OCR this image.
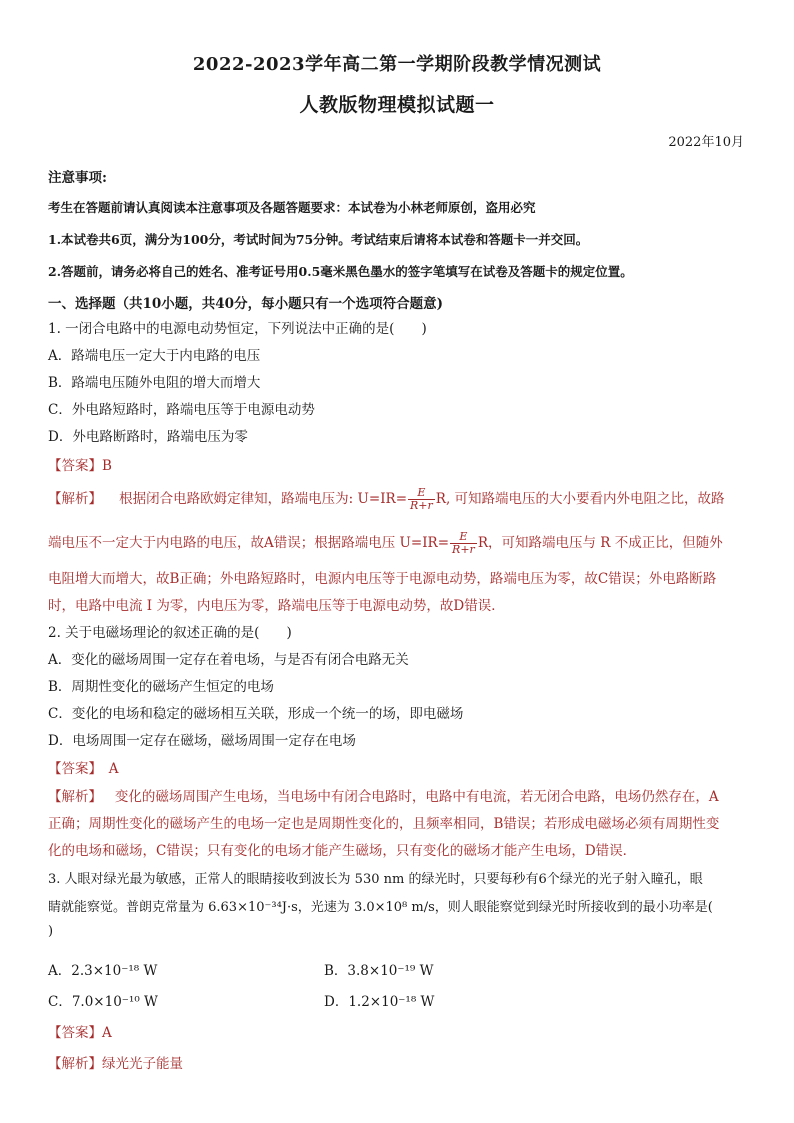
2022-2023学年高二第一学期阶段教学情况测试
人教版物理模拟试题一
2022年10月
注意事项:
考生在答题前请认真阅读本注意事项及各题答题要求：本试卷为小林老师原创，盗用必究
1.本试卷共6页，满分为100分，考试时间为75分钟。考试结束后请将本试卷和答题卡一并交回。
2.答题前，请务必将自己的姓名、准考证号用0.5毫米黑色墨水的签字笔填写在试卷及答题卡的规定位置。
一、选择题（共10小题，共40分，每小题只有一个选项符合题意)
1. 一闭合电路中的电源电动势恒定，下列说法中正确的是(　　)
A．路端电压一定大于内电路的电压
B．路端电压随外电阻的增大而增大
C．外电路短路时，路端电压等于电源电动势
D．外电路断路时，路端电压为零
【答案】B
【解析】 根据闭合电路欧姆定律知，路端电压为: $U=IR= \frac{E}{R+r} R$, 可知路端电压的大小要看内外电阻之比，故路
端电压不一定大于内电路的电压，故A错误；根据路端电压 $U=IR= \frac{E}{R+r}$ R，可知路端电压与 R 不成正比，但随外
电阻增大而增大，故B正确；外电路短路时，电源内电压等于电源电动势，路端电压为零，故C错误；外电路断路
时，电路中电流 I 为零，内电压为零，路端电压等于电源电动势，故D错误．
2. 关于电磁场理论的叙述正确的是(　　)
A．变化的磁场周围一定存在着电场，与是否有闭合电路无关
B．周期性变化的磁场产生恒定的电场
C．变化的电场和稳定的磁场相互关联，形成一个统一的场，即电磁场
D．电场周围一定存在磁场，磁场周围一定存在电场
【答案】　A
【解析】 变化的磁场周围产生电场，当电场中有闭合电路时，电路中有电流，若无闭合电路，电场仍然存在，A
正确；周期性变化的磁场产生的电场一定也是周期性变化的，且频率相同，B错误；若形成电磁场必须有周期性变
化的电场和磁场，C错误；只有变化的电场才能产生磁场，只有变化的磁场才能产生电场，D错误．
3. 人眼对绿光最为敏感，正常人的眼睛接收到波长为 530 nm 的绿光时，只要每秒有6个绿光的光子射入瞳孔，眼
睛就能察觉。普朗克常量为 6.63×10⁻³⁴J·s，光速为 3.0×10⁸ m/s，则人眼能察觉到绿光时所接收到的最小功率是(
)
A．2.3×10⁻¹⁸ W	B．3.8×10⁻¹⁹ W
C．7.0×10⁻¹⁰ W	D．1.2×10⁻¹⁸ W
【答案】A
【解析】绿光光子能量
